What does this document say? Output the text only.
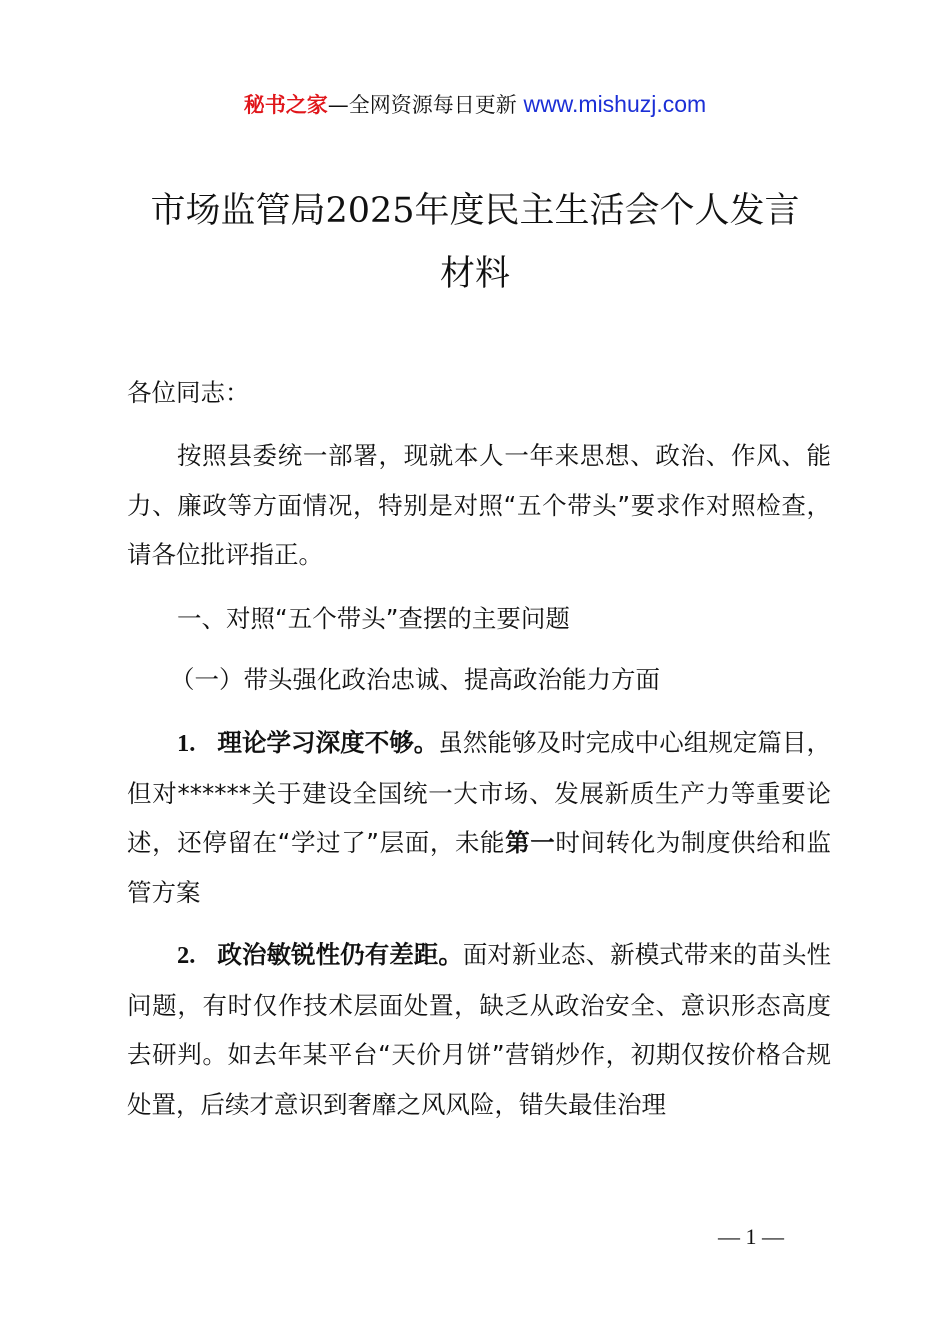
秘书之家—全网资源每日更新 www.mishuzj.com
市场监管局2025年度民主生活会个人发言材料
各位同志：
按照县委统一部署，现就本人一年来思想、政治、作风、能力、廉政等方面情况，特别是对照“五个带头”要求作对照检查，请各位批评指正。
一、对照“五个带头”查摆的主要问题
（一）带头强化政治忠诚、提高政治能力方面
1. 理论学习深度不够。虽然能够及时完成中心组规定篇目，但对******关于建设全国统一大市场、发展新质生产力等重要论述，还停留在“学过了”层面，未能第一时间转化为制度供给和监管方案
2. 政治敏锐性仍有差距。面对新业态、新模式带来的苗头性问题，有时仅作技术层面处置，缺乏从政治安全、意识形态高度去研判。如去年某平台“天价月饼”营销炒作，初期仅按价格合规处置，后续才意识到奢靡之风风险，错失最佳治理
— 1 —
